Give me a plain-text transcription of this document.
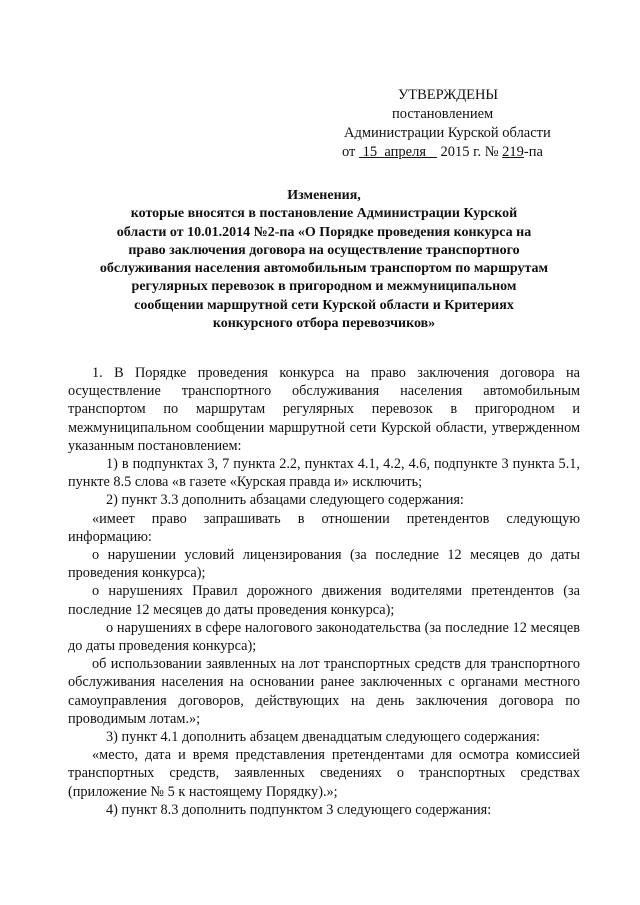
УТВЕРЖДЕНЫ
постановлением
Администрации Курской области
от 15 апреля 2015 г. № 219-па
Изменения,
которые вносятся в постановление Администрации Курской
области от 10.01.2014 №2-па «О Порядке проведения конкурса на
право заключения договора на осуществление транспортного
обслуживания населения автомобильным транспортом по маршрутам
регулярных перевозок в пригородном и межмуниципальном
сообщении маршрутной сети Курской области и Критериях
конкурсного отбора перевозчиков»

1. В Порядке проведения конкурса на право заключения договора на осуществление транспортного обслуживания населения автомобильным транспортом по маршрутам регулярных перевозок в пригородном и межмуниципальном сообщении маршрутной сети Курской области, утвержденном указанным постановлением:

1) в подпунктах 3, 7 пункта 2.2, пунктах 4.1, 4.2, 4.6, подпункте 3 пункта 5.1, пункте 8.5 слова «в газете «Курская правда и» исключить;

2) пункт 3.3 дополнить абзацами следующего содержания:

«имеет право запрашивать в отношении претендентов следующую информацию:

о нарушении условий лицензирования (за последние 12 месяцев до даты проведения конкурса);

о нарушениях Правил дорожного движения водителями претендентов (за последние 12 месяцев до даты проведения конкурса);

о нарушениях в сфере налогового законодательства (за последние 12 месяцев до даты проведения конкурса);

об использовании заявленных на лот транспортных средств для транспортного обслуживания населения на основании ранее заключенных с органами местного самоуправления договоров, действующих на день заключения договора по проводимым лотам.»;

3) пункт 4.1 дополнить абзацем двенадцатым следующего содержания:

«место, дата и время представления претендентами для осмотра комиссией транспортных средств, заявленных сведениях о транспортных средствах (приложение № 5 к настоящему Порядку).»;

4) пункт 8.3 дополнить подпунктом 3 следующего содержания:
